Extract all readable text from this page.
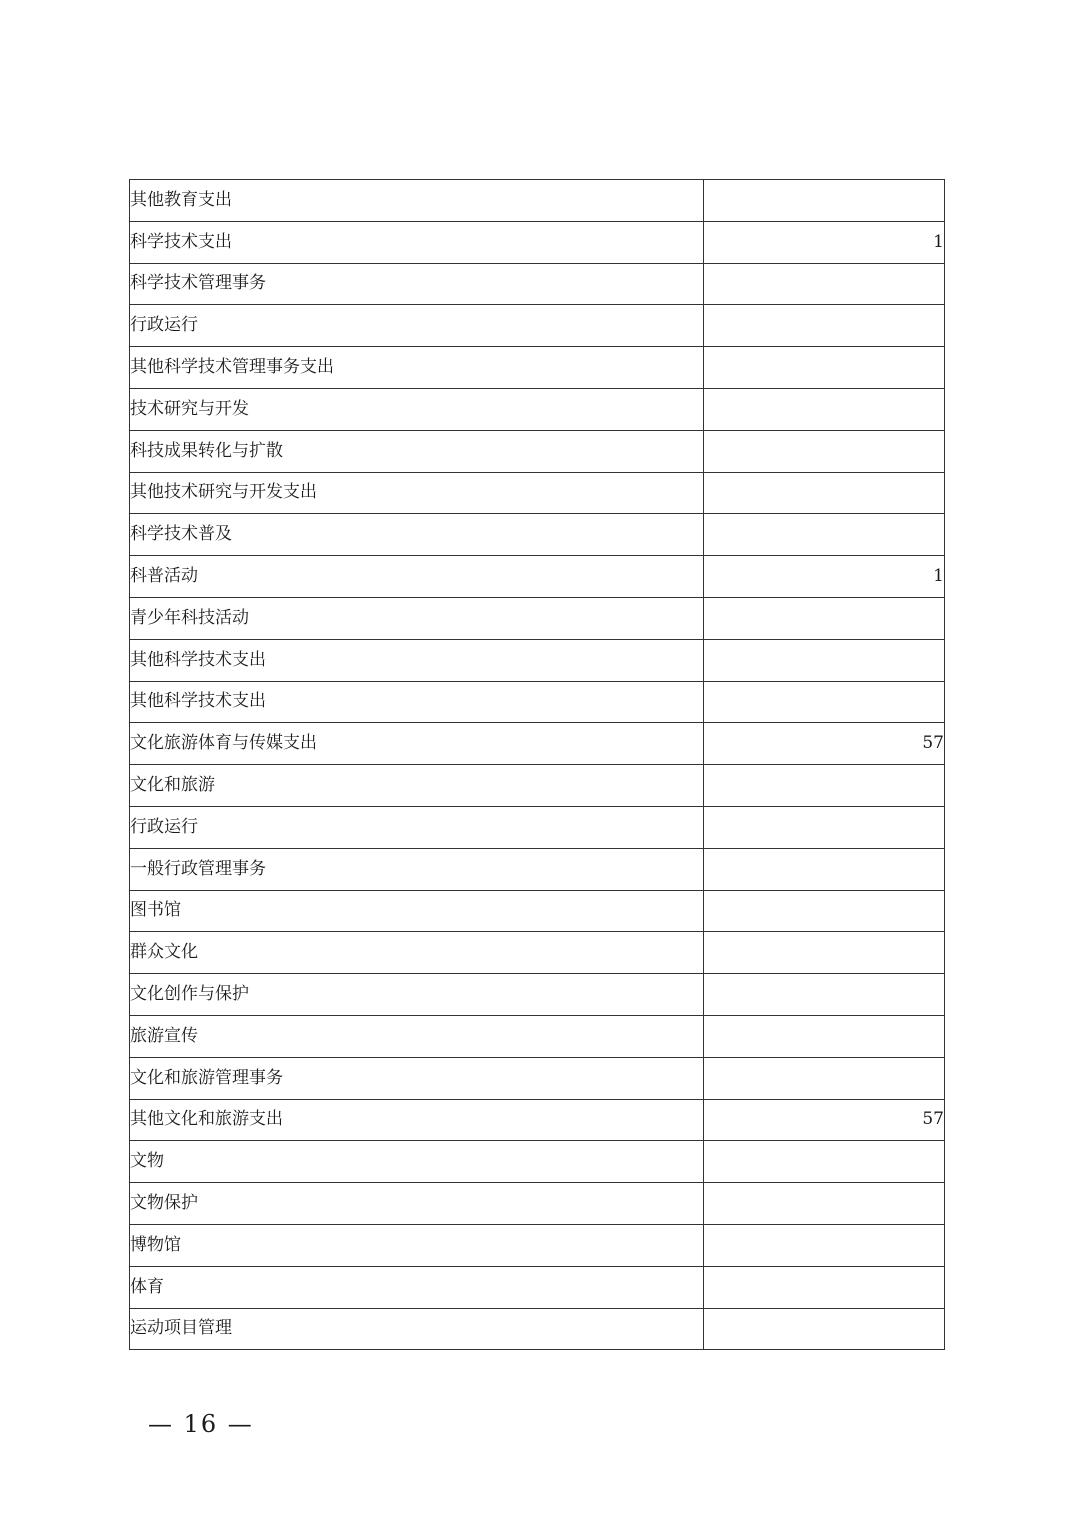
其他教育支出	
科学技术支出	1
科学技术管理事务	
行政运行	
其他科学技术管理事务支出	
技术研究与开发	
科技成果转化与扩散	
其他技术研究与开发支出	
科学技术普及	
科普活动	1
青少年科技活动	
其他科学技术支出	
其他科学技术支出	
文化旅游体育与传媒支出	57
文化和旅游	
行政运行	
一般行政管理事务	
图书馆	
群众文化	
文化创作与保护	
旅游宣传	
文化和旅游管理事务	
其他文化和旅游支出	57
文物	
文物保护	
博物馆	
体育	
运动项目管理	
— 16 —
